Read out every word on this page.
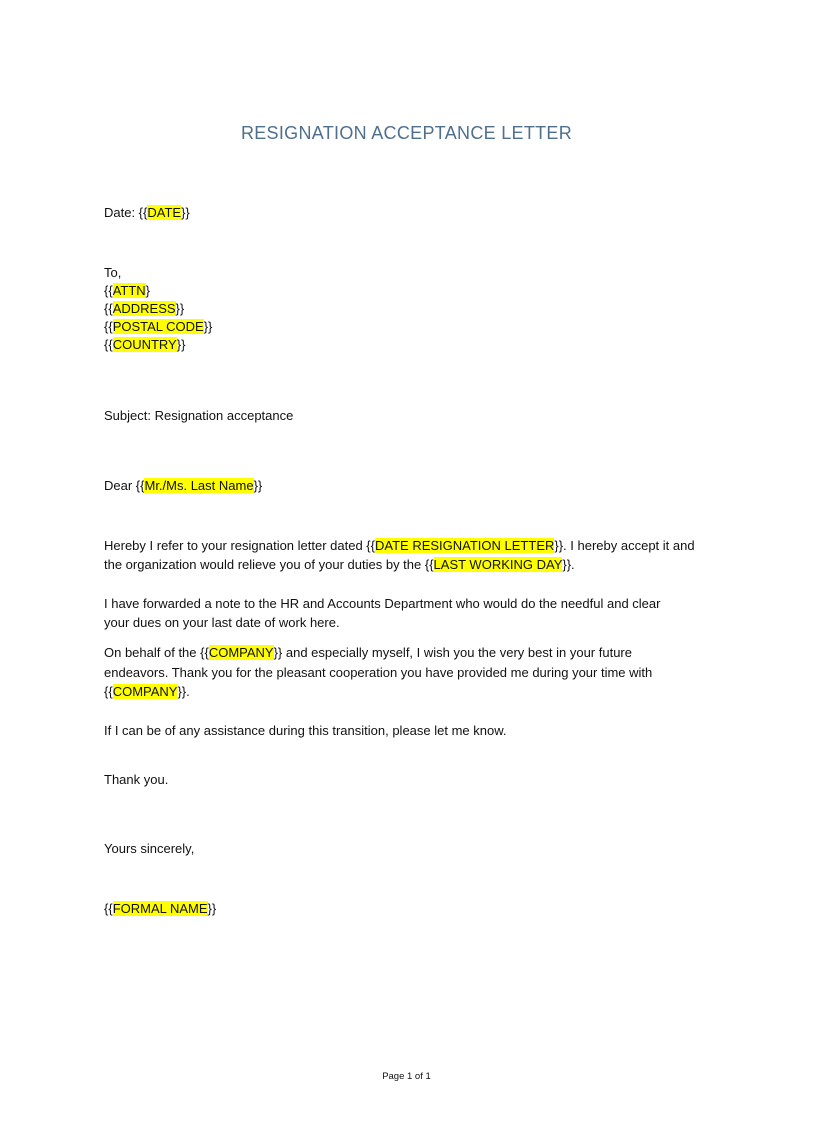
RESIGNATION ACCEPTANCE LETTER
Date: {{DATE}}
To,
{{ATTN}
{{ADDRESS}}
{{POSTAL CODE}}
{{COUNTRY}}
Subject: Resignation acceptance
Dear {{Mr./Ms. Last Name}}
Hereby I refer to your resignation letter dated {{DATE RESIGNATION LETTER}}. I hereby accept it and
the organization would relieve you of your duties by the {{LAST WORKING DAY}}.
I have forwarded a note to the HR and Accounts Department who would do the needful and clear
your dues on your last date of work here.
On behalf of the {{COMPANY}} and especially myself, I wish you the very best in your future
endeavors. Thank you for the pleasant cooperation you have provided me during your time with
{{COMPANY}}.
If I can be of any assistance during this transition, please let me know.
Thank you.
Yours sincerely,
{{FORMAL NAME}}
Page 1 of 1
